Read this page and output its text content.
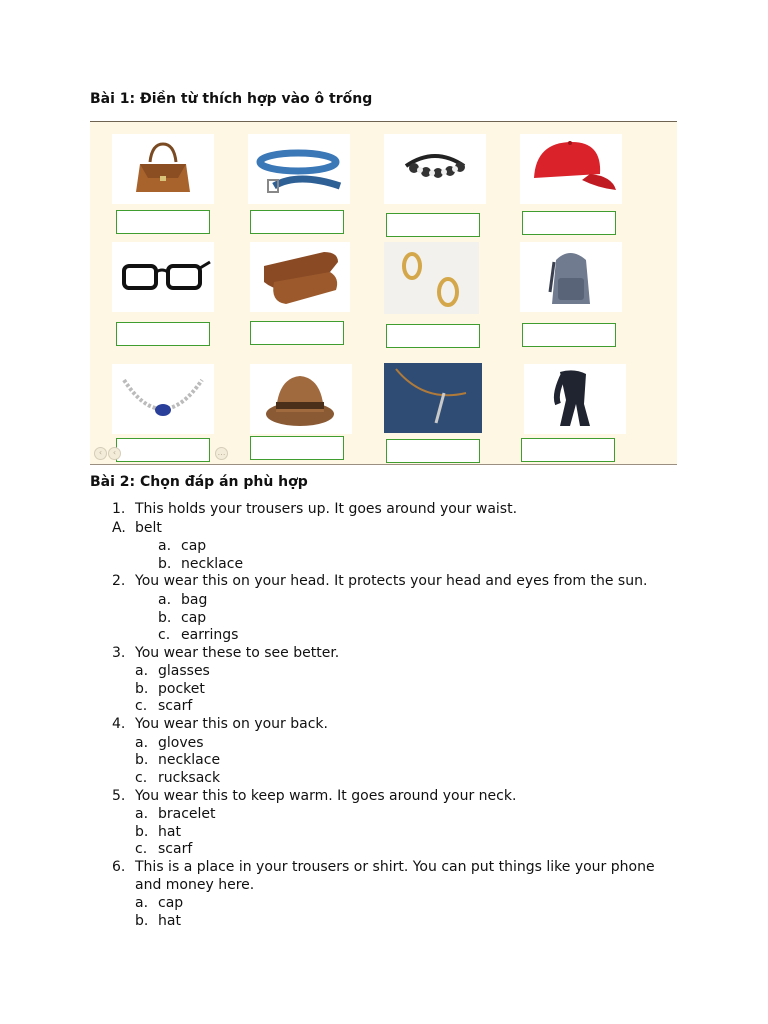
Bài 1: Điền từ thích hợp vào ô trống
‹	‹	…
Bài 2: Chọn đáp án phù hợp
1. This holds your trousers up. It goes around your waist.
A. belt
a. cap
b. necklace
2. You wear this on your head. It protects your head and eyes from the sun.
a. bag
b. cap
c. earrings
3. You wear these to see better.
a. glasses
b. pocket
c. scarf
4. You wear this on your back.
a. gloves
b. necklace
c. rucksack
5. You wear this to keep warm. It goes around your neck.
a. bracelet
b. hat
c. scarf
6. This is a place in your trousers or shirt. You can put things like your phone and money here.
a. cap
b. hat
